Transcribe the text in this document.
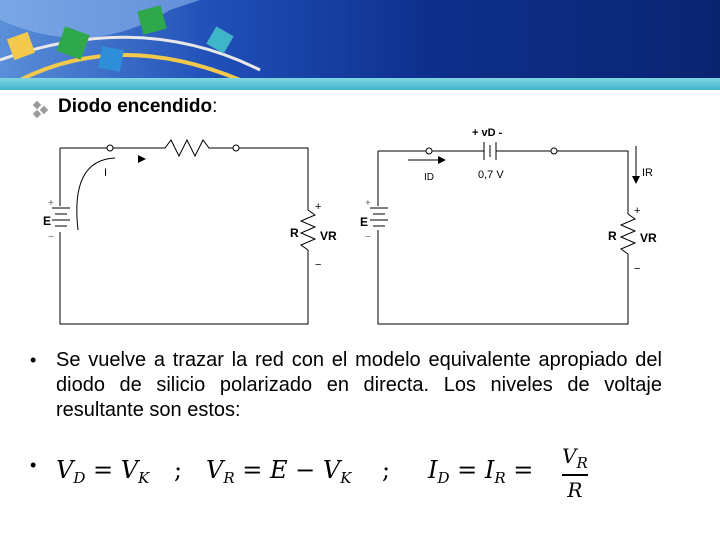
Diodo encendido:
E
+
−
I
R VR
+
−
+ vD -
0,7 V
ID	IR
E
+
−	R VR
+
−
• Se vuelve a trazar la red con el modelo equivalente apropiado del diodo de silicio polarizado en directa. Los niveles de voltaje resultante son estos:
• $V_D = V_K$ ; $V_R = E - V_K$ ; $I_D = I_R = V_R$
R
